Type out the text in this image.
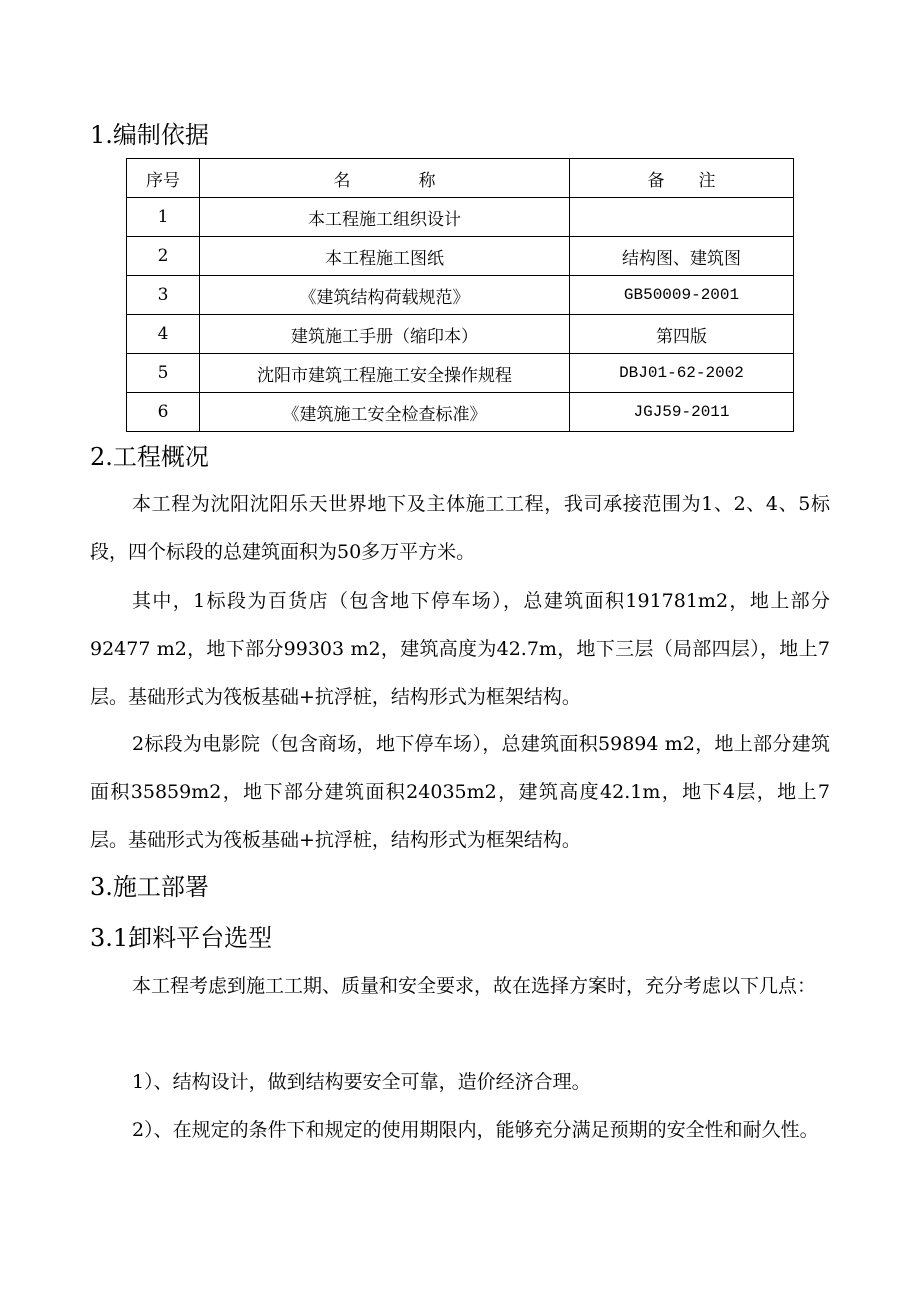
1.编制依据
序号	名　　　　称	备　　注
1	本工程施工组织设计	
2	本工程施工图纸	结构图、建筑图
3	《建筑结构荷载规范》	GB50009-2001
4	建筑施工手册（缩印本）	第四版
5	沈阳市建筑工程施工安全操作规程	DBJ01-62-2002
6	《建筑施工安全检查标准》	JGJ59-2011
2.工程概况

本工程为沈阳沈阳乐天世界地下及主体施工工程，我司承接范围为1、2、4、5标段，四个标段的总建筑面积为50多万平方米。

其中，1标段为百货店（包含地下停车场），总建筑面积191781m2，地上部分92477 m2，地下部分99303 m2，建筑高度为42.7m，地下三层（局部四层），地上7层。基础形式为筏板基础+抗浮桩，结构形式为框架结构。

2标段为电影院（包含商场，地下停车场），总建筑面积59894 m2，地上部分建筑面积35859m2，地下部分建筑面积24035m2，建筑高度42.1m，地下4层，地上7层。基础形式为筏板基础+抗浮桩，结构形式为框架结构。

3.施工部署
3.1卸料平台选型

本工程考虑到施工工期、质量和安全要求，故在选择方案时，充分考虑以下几点：

1）、结构设计，做到结构要安全可靠，造价经济合理。

2）、在规定的条件下和规定的使用期限内，能够充分满足预期的安全性和耐久性。
